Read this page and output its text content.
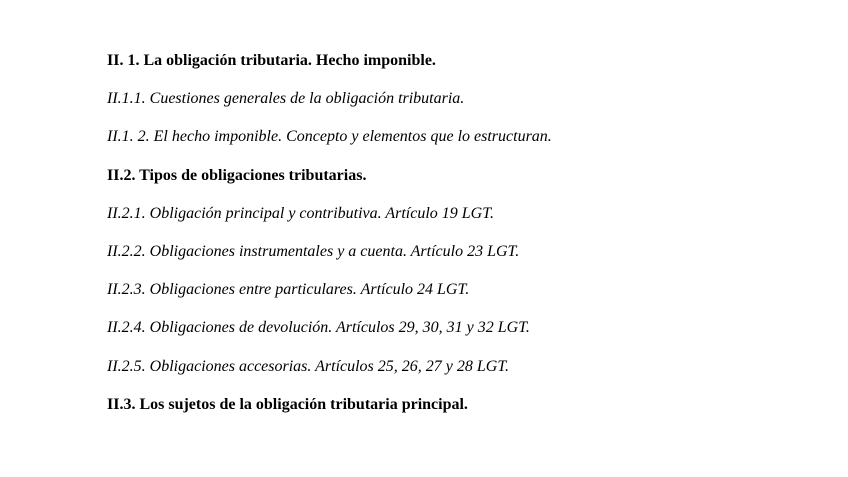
II. 1. La obligación tributaria. Hecho imponible.
II.1.1. Cuestiones generales de la obligación tributaria.
II.1. 2. El hecho imponible. Concepto y elementos que lo estructuran.
II.2. Tipos de obligaciones tributarias.
II.2.1. Obligación principal y contributiva. Artículo 19 LGT.
II.2.2. Obligaciones instrumentales y a cuenta. Artículo 23 LGT.
II.2.3. Obligaciones entre particulares. Artículo 24 LGT.
II.2.4. Obligaciones de devolución. Artículos 29, 30, 31 y 32 LGT.
II.2.5. Obligaciones accesorias. Artículos 25, 26, 27 y 28 LGT.
II.3. Los sujetos de la obligación tributaria principal.
